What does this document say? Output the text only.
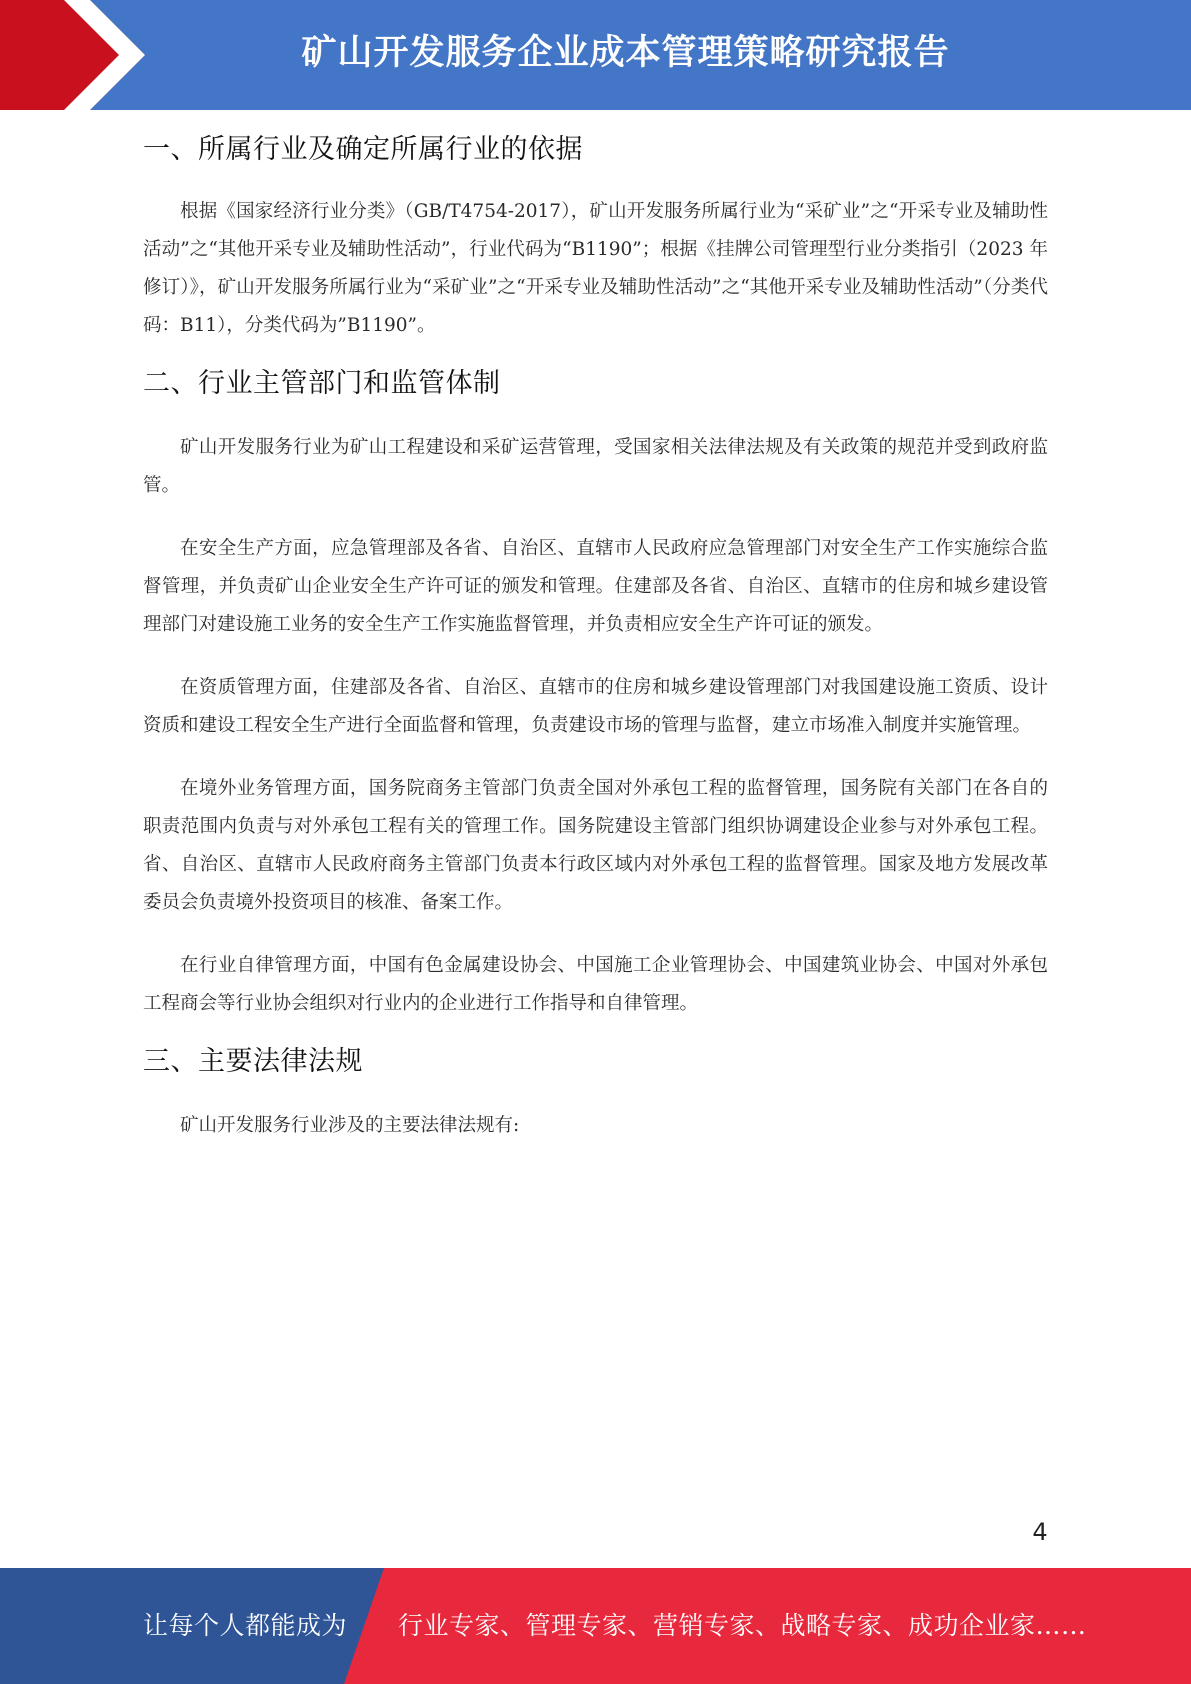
矿山开发服务企业成本管理策略研究报告
一、所属行业及确定所属行业的依据

根据《国家经济行业分类》（GB/T4754-2017），矿山开发服务所属行业为“采矿业”之“开采专业及辅助性活动”之“其他开采专业及辅助性活动”，行业代码为“B1190”；根据《挂牌公司管理型行业分类指引（2023 年修订）》，矿山开发服务所属行业为“采矿业”之“开采专业及辅助性活动”之“其他开采专业及辅助性活动”（分类代码：B11），分类代码为”B1190”。

二、行业主管部门和监管体制

矿山开发服务行业为矿山工程建设和采矿运营管理，受国家相关法律法规及有关政策的规范并受到政府监管。

在安全生产方面，应急管理部及各省、自治区、直辖市人民政府应急管理部门对安全生产工作实施综合监督管理，并负责矿山企业安全生产许可证的颁发和管理。住建部及各省、自治区、直辖市的住房和城乡建设管理部门对建设施工业务的安全生产工作实施监督管理，并负责相应安全生产许可证的颁发。

在资质管理方面，住建部及各省、自治区、直辖市的住房和城乡建设管理部门对我国建设施工资质、设计资质和建设工程安全生产进行全面监督和管理，负责建设市场的管理与监督，建立市场准入制度并实施管理。

在境外业务管理方面，国务院商务主管部门负责全国对外承包工程的监督管理，国务院有关部门在各自的职责范围内负责与对外承包工程有关的管理工作。国务院建设主管部门组织协调建设企业参与对外承包工程。省、自治区、直辖市人民政府商务主管部门负责本行政区域内对外承包工程的监督管理。国家及地方发展改革委员会负责境外投资项目的核准、备案工作。

在行业自律管理方面，中国有色金属建设协会、中国施工企业管理协会、中国建筑业协会、中国对外承包工程商会等行业协会组织对行业内的企业进行工作指导和自律管理。

三、主要法律法规

矿山开发服务行业涉及的主要法律法规有:

4
让每个人都能成为 行业专家、管理专家、营销专家、战略专家、成功企业家……
